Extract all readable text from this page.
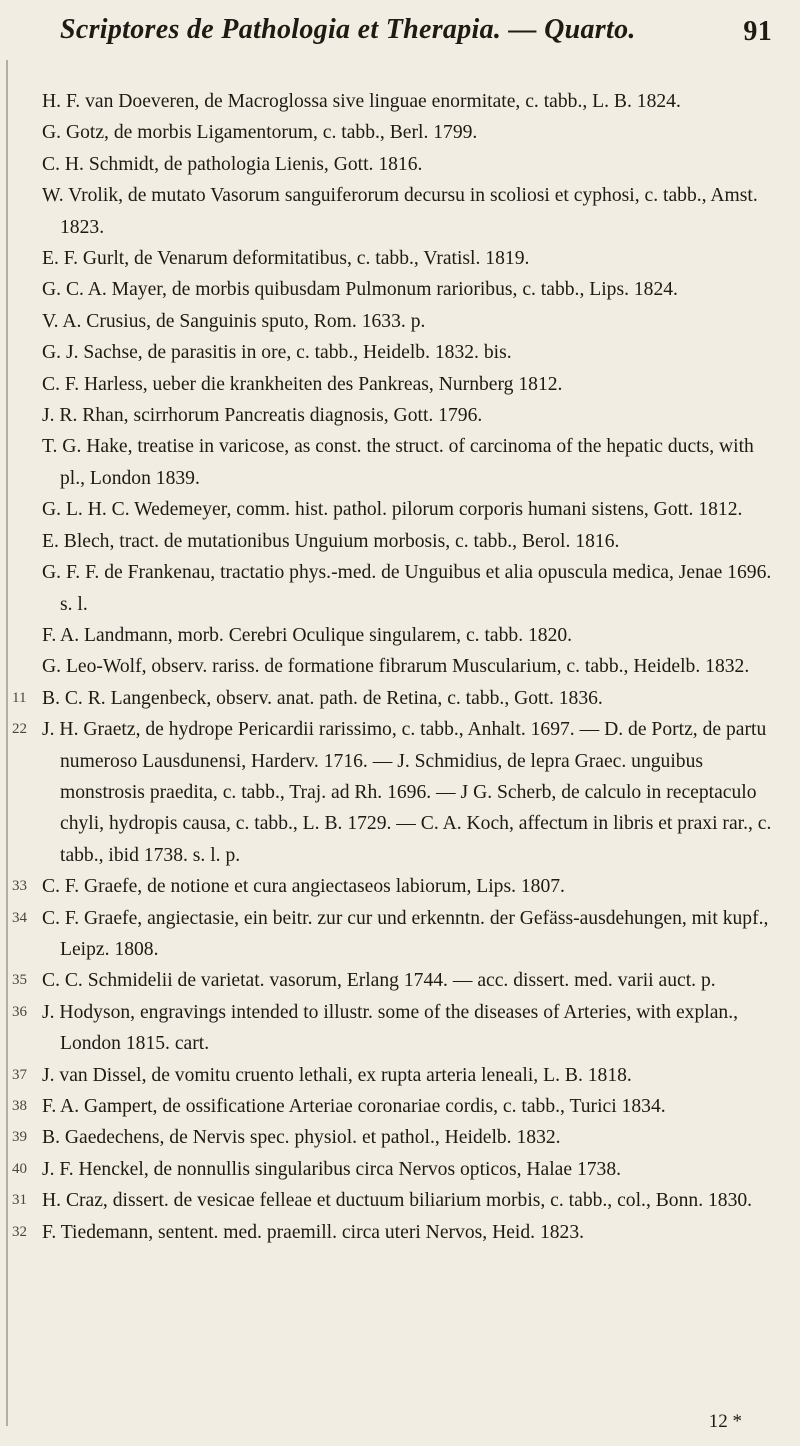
Scriptores de Pathologia et Therapia. — Quarto.	91
H. F. van Doeveren, de Macroglossa sive linguae enormitate, c. tabb., L. B. 1824.
G. Gotz, de morbis Ligamentorum, c. tabb., Berl. 1799.
C. H. Schmidt, de pathologia Lienis, Gott. 1816.
W. Vrolik, de mutato Vasorum sanguiferorum decursu in scoliosi et cyphosi, c. tabb., Amst. 1823.
E. F. Gurlt, de Venarum deformitatibus, c. tabb., Vratisl. 1819.
G. C. A. Mayer, de morbis quibusdam Pulmonum rarioribus, c. tabb., Lips. 1824.
V. A. Crusius, de Sanguinis sputo, Rom. 1633. p.
G. J. Sachse, de parasitis in ore, c. tabb., Heidelb. 1832. bis.
C. F. Harless, ueber die krankheiten des Pankreas, Nurnberg 1812.
J. R. Rhan, scirrhorum Pancreatis diagnosis, Gott. 1796.
T. G. Hake, treatise in varicose, as const. the struct. of carcinoma of the hepatic ducts, with pl., London 1839.
G. L. H. C. Wedemeyer, comm. hist. pathol. pilorum corporis humani sistens, Gott. 1812.
E. Blech, tract. de mutationibus Unguium morbosis, c. tabb., Berol. 1816.
G. F. F. de Frankenau, tractatio phys.-med. de Unguibus et alia opuscula medica, Jenae 1696. s. l.
F. A. Landmann, morb. Cerebri Oculique singularem, c. tabb. 1820.
G. Leo-Wolf, observ. rariss. de formatione fibrarum Muscularium, c. tabb., Heidelb. 1832.
11 B. C. R. Langenbeck, observ. anat. path. de Retina, c. tabb., Gott. 1836.
22 J. H. Graetz, de hydrope Pericardii rarissimo, c. tabb., Anhalt. 1697. — D. de Portz, de partu numeroso Lausdunensi, Harderv. 1716. — J. Schmidius, de lepra Graec. unguibus monstrosis praedita, c. tabb., Traj. ad Rh. 1696. — J G. Scherb, de calculo in receptaculo chyli, hydropis causa, c. tabb., L. B. 1729. — C. A. Koch, affectum in libris et praxi rar., c. tabb., ibid 1738. s. l. p.
33 C. F. Graefe, de notione et cura angiectaseos labiorum, Lips. 1807.
34 C. F. Graefe, angiectasie, ein beitr. zur cur und erkenntn. der Gefäss-ausdehungen, mit kupf., Leipz. 1808.
35 C. C. Schmidelii de varietat. vasorum, Erlang 1744. — acc. dissert. med. varii auct. p.
36 J. Hodyson, engravings intended to illustr. some of the diseases of Arteries, with explan., London 1815. cart.
37 J. van Dissel, de vomitu cruento lethali, ex rupta arteria leneali, L. B. 1818.
38 F. A. Gampert, de ossificatione Arteriae coronariae cordis, c. tabb., Turici 1834.
39 B. Gaedechens, de Nervis spec. physiol. et pathol., Heidelb. 1832.
40 J. F. Henckel, de nonnullis singularibus circa Nervos opticos, Halae 1738.
31 H. Craz, dissert. de vesicae felleae et ductuum biliarium morbis, c. tabb., col., Bonn. 1830.
32 F. Tiedemann, sentent. med. praemill. circa uteri Nervos, Heid. 1823.
12 *
